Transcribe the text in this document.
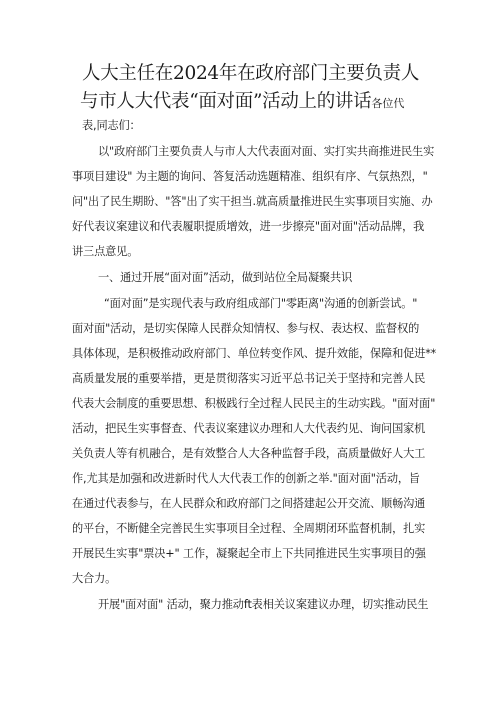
人大主任在2024年在政府部门主要负责人
与市人大代表“面对面”活动上的讲话各位代
表,同志们：
以"政府部门主要负责人与市人大代表面对面、实打实共商推进民生实
事项目建设" 为主题的询问、答复活动选题精准、组织有序、气氛热烈，"
问"出了民生期盼、"答"出了实干担当.就高质量推进民生实事项目实施、办
好代表议案建议和代表履职提质增效，进一步擦亮"面对面"活动品牌，我
讲三点意见。
一、通过开展“面对面”活动，做到站位全局凝聚共识
“面对面”是实现代表与政府组成部门"零距离"沟通的创新尝试。"
面对面"活动，是切实保障人民群众知情权、参与权、表达权、监督权的
具体体现，是积极推动政府部门、单位转变作风、提升效能，保障和促进**
高质量发展的重要举措，更是贯彻落实习近平总书记关于坚持和完善人民
代表大会制度的重要思想、积极践行全过程人民民主的生动实践。"面对面"
活动，把民生实事督查、代表议案建议办理和人大代表约见、询问国家机
关负责人等有机融合，是有效整合人大各种监督手段，高质量做好人大工
作,尤其是加强和改进新时代人大代表工作的创新之举."面对面"活动，旨
在通过代表参与，在人民群众和政府部门之间搭建起公开交流、顺畅沟通
的平台，不断健全完善民生实事项目全过程、全周期闭环监督机制，扎实
开展民生实事"票决+" 工作，凝聚起全市上下共同推进民生实事项目的强
大合力。
开展"面对面" 活动，聚力推动ft表相关议案建议办理，切实推动民生
